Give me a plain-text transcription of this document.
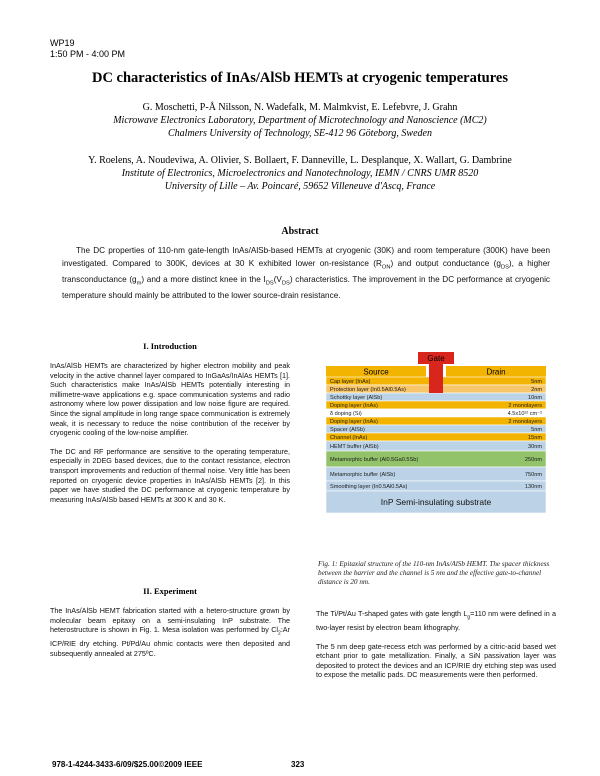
WP19
1:50 PM - 4:00 PM
DC characteristics of InAs/AlSb HEMTs at cryogenic temperatures
G. Moschetti, P-Å Nilsson, N. Wadefalk, M. Malmkvist, E. Lefebvre, J. Grahn
Microwave Electronics Laboratory, Department of Microtechnology and Nanoscience (MC2)
Chalmers University of Technology, SE-412 96 Göteborg, Sweden
Y. Roelens, A. Noudeviwa, A. Olivier, S. Bollaert, F. Danneville, L. Desplanque, X. Wallart, G. Dambrine
Institute of Electronics, Microelectronics and Nanotechnology, IEMN / CNRS UMR 8520
University of Lille – Av. Poincaré, 59652 Villeneuve d'Ascq, France
Abstract
The DC properties of 110-nm gate-length InAs/AlSb-based HEMTs at cryogenic (30K) and room temperature (300K) have been investigated. Compared to 300K, devices at 30 K exhibited lower on-resistance $(R_{ON})$ and output conductance $(g_{DS})$, a higher transconductance $(g_m)$ and a more distinct knee in the $I_{DS}(V_{DS})$ characteristics. The improvement in the DC performance at cryogenic temperature should mainly be attributed to the lower source-drain resistance.
I. Introduction

InAs/AlSb HEMTs are characterized by higher electron mobility and peak velocity in the active channel layer compared to InGaAs/InAlAs HEMTs [1]. Such characteristics make InAs/AlSb HEMTs potentially interesting in millimetre-wave applications e.g. space communication systems and radio astronomy where low power dissipation and low noise figure are required. Since the signal amplitude in long range space communication is extremely weak, it is necessary to reduce the noise contribution of the receiver by cryogenic cooling of the low-noise amplifier.

The DC and RF performance are sensitive to the operating temperature, especially in 2DEG based devices, due to the contact resistance, electron transport improvements and reduction of thermal noise. Very little has been reported on cryogenic device properties in InAs/AlSb HEMTs [2]. In this paper we have studied the DC performance at cryogenic temperature by measuring InAs/AlSb based HEMTs at 300 K and 30 K.

II. Experiment

The InAs/AlSb HEMT fabrication started with a hetero-structure grown by molecular beam epitaxy on a semi-insulating InP substrate. The heterostructure is shown in Fig. 1. Mesa isolation was performed by $Cl_2:Ar$ ICP/RIE dry etching. Pt/Pd/Au ohmic contacts were then deposited and subsequently annealed at 275ºC.

Gate
Source	Drain
Cap layer (InAs)	5nm
Protection layer (In0.5Al0.5As)	2nm
Schottky layer (AlSb)	10nm
Doping layer (InAs)	2 monolayers
δ doping (Si)	4.5x10¹² cm⁻²
Doping layer (InAs)	2 monolayers
Spacer (AlSb)	5nm
Channel (InAs)	15nm
HEMT buffer (AlSb)	30nm
Metamorphic buffer (Al0.5Ga0.5Sb)	250nm
Metamorphic buffer (AlSb)	750nm
Smoothing layer (In0.5Al0.5As)	130nm
InP Semi-insulating substrate
Fig. 1: Epitaxial structure of the 110-nm InAs/AlSb HEMT. The spacer thickness between the barrier and the channel is 5 nm and the effective gate-to-channel distance is 20 nm.

The Ti/Pt/Au T-shaped gates with gate length $L_g=110$ nm were defined in a two-layer resist by electron beam lithography.

The 5 nm deep gate-recess etch was performed by a citric-acid based wet etchant prior to gate metallization. Finally, a SiN passivation layer was deposited to protect the devices and an ICP/RIE dry etching step was used to expose the metallic pads. DC measurements were then performed.

978-1-4244-3433-6/09/$25.00©2009 IEEE	323
